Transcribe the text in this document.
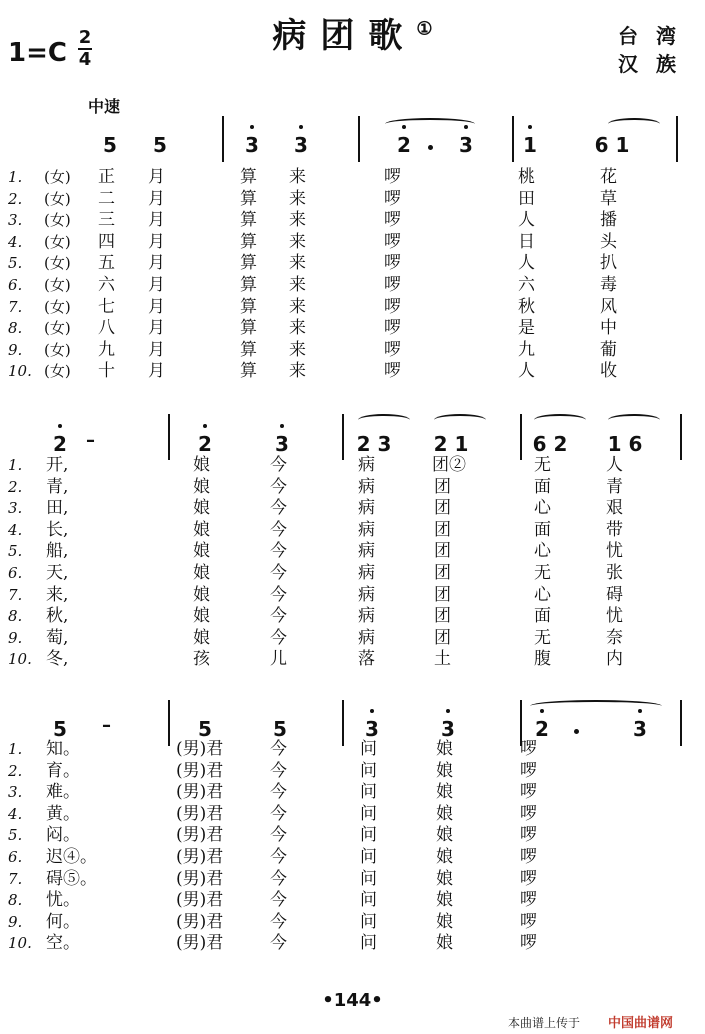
病团歌①
1=C
2
4
台湾
汉族
中速
5 5	3 3	2 3	1	6 1
1. (女) 正	月	算	来	啰	桃	花
2. (女) 二	月	算	来	啰	田	草
3. (女) 三	月	算	来	啰	人	播
4. (女) 四	月	算	来	啰	日	头
5. (女) 五	月	算	来	啰	人	扒
6. (女) 六	月	算	来	啰	六	毒
7. (女) 七	月	算	来	啰	秋	风
8. (女) 八	月	算	来	啰	是	中
9. (女) 九	月	算	来	啰	九	葡
10. (女) 十	月	算	来	啰	人	收
2 –	2	3	2 3 2 1	6 2 1 6
1. 开,	娘	今	病	团②	无	人
2. 青,	娘	今	病	团	面	青
3. 田,	娘	今	病	团	心	艰
4. 长,	娘	今	病	团	面	带
5. 船,	娘	今	病	团	心	忧
6. 天,	娘	今	病	团	无	张
7. 来,	娘	今	病	团	心	碍
8. 秋,	娘	今	病	团	面	忧
9. 萄,	娘	今	病	团	无	奈
10. 冬,	孩	儿	落	土	腹	内
5 –	5	5	3	3	2	3
1. 知。	(男)君	今	问	娘	啰
2. 育。	(男)君	今	问	娘	啰
3. 难。	(男)君	今	问	娘	啰
4. 黄。	(男)君	今	问	娘	啰
5. 闷。	(男)君	今	问	娘	啰
6. 迟④。	(男)君	今	问	娘	啰
7. 碍⑤。	(男)君	今	问	娘	啰
8. 忧。	(男)君	今	问	娘	啰
9. 何。	(男)君	今	问	娘	啰
10. 空。	(男)君	今	问	娘	啰
•144•
本曲谱上传于 中国曲谱网
